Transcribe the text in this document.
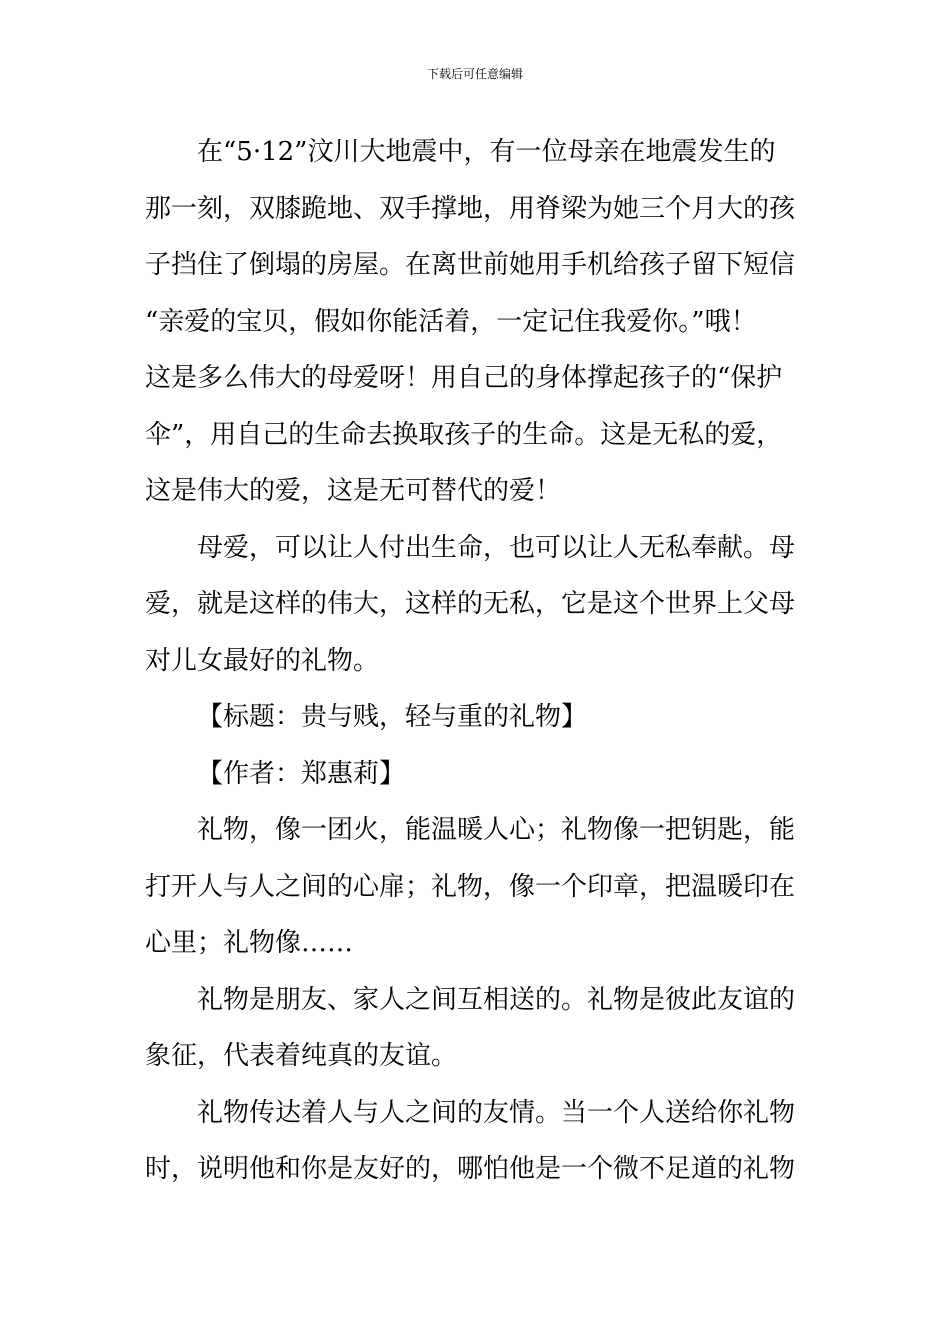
下载后可任意编辑

在“5·12”汶川大地震中，有一位母亲在地震发生的
那一刻，双膝跪地、双手撑地，用脊梁为她三个月大的孩
子挡住了倒塌的房屋。在离世前她用手机给孩子留下短信
“亲爱的宝贝，假如你能活着，一定记住我爱你。”哦！
这是多么伟大的母爱呀！用自己的身体撑起孩子的“保护
伞”，用自己的生命去换取孩子的生命。这是无私的爱，
这是伟大的爱，这是无可替代的爱！

母爱，可以让人付出生命，也可以让人无私奉献。母
爱，就是这样的伟大，这样的无私，它是这个世界上父母
对儿女最好的礼物。

【标题：贵与贱，轻与重的礼物】

【作者：郑惠莉】

礼物，像一团火，能温暖人心；礼物像一把钥匙，能
打开人与人之间的心扉；礼物，像一个印章，把温暖印在
心里；礼物像……

礼物是朋友、家人之间互相送的。礼物是彼此友谊的
象征，代表着纯真的友谊。

礼物传达着人与人之间的友情。当一个人送给你礼物
时，说明他和你是友好的，哪怕他是一个微不足道的礼物
